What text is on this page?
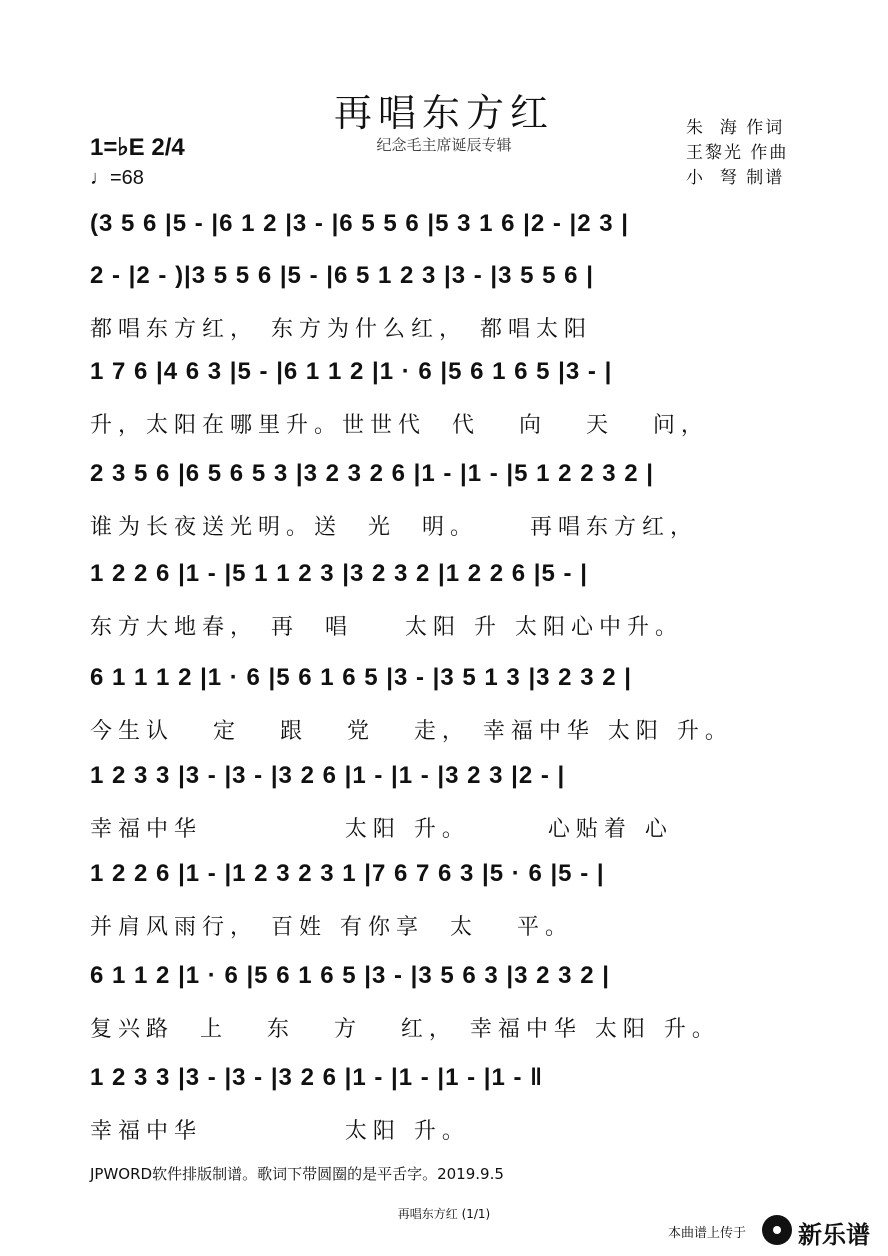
再唱东方红
纪念毛主席诞辰专辑
1=♭E 2/4
♩=68
朱  海 作词
王黎光 作曲
小  弩 制谱
(3 5 6 |5 - |6 1 2 |3 - |6 5 5 6 |5 3 1 6 |2 - |2 3 |
2 - |2 - )|3 5 5 6 |5 - |6 5 1 2 3 |3 - |3 5 5 6 |
都唱东方红， 东方为什么红， 都唱太阳
1 7 6 |4 6 3 |5 - |6 1 1 2 |1 · 6 |5 6 1 6 5 |3 - |
升，太阳在哪里升。世世代  代   向   天   问，
2 3 5 6 |6 5 6 5 3 |3 2 3 2 6 |1 - |1 - |5 1 2 2 3 2 |
谁为长夜送光明。送  光  明。    再唱东方红，
1 2 2 6 |1 - |5 1 1 2 3 |3 2 3 2 |1 2 2 6 |5 - |
东方大地春， 再  唱    太阳 升 太阳心中升。
6 1 1 1 2 |1 · 6 |5 6 1 6 5 |3 - |3 5 1 3 |3 2 3 2 |
今生认   定   跟   党   走， 幸福中华 太阳 升。
1 2 3 3 |3 - |3 - |3 2 6 |1 - |1 - |3 2 3 |2 - |
幸福中华           太阳 升。      心贴着 心
1 2 2 6 |1 - |1 2 3 2 3 1 |7 6 7 6 3 |5 · 6 |5 - |
并肩风雨行， 百姓 有你享  太   平。
6 1 1 2 |1 · 6 |5 6 1 6 5 |3 - |3 5 6 3 |3 2 3 2 |
复兴路  上   东   方   红， 幸福中华 太阳 升。
1 2 3 3 |3 - |3 - |3 2 6 |1 - |1 - |1 - |1 - ‖
幸福中华           太阳 升。
JPWORD软件排版制谱。歌词下带圆圈的是平舌字。2019.9.5
再唱东方红 (1/1)
本曲谱上传于 新乐谱
